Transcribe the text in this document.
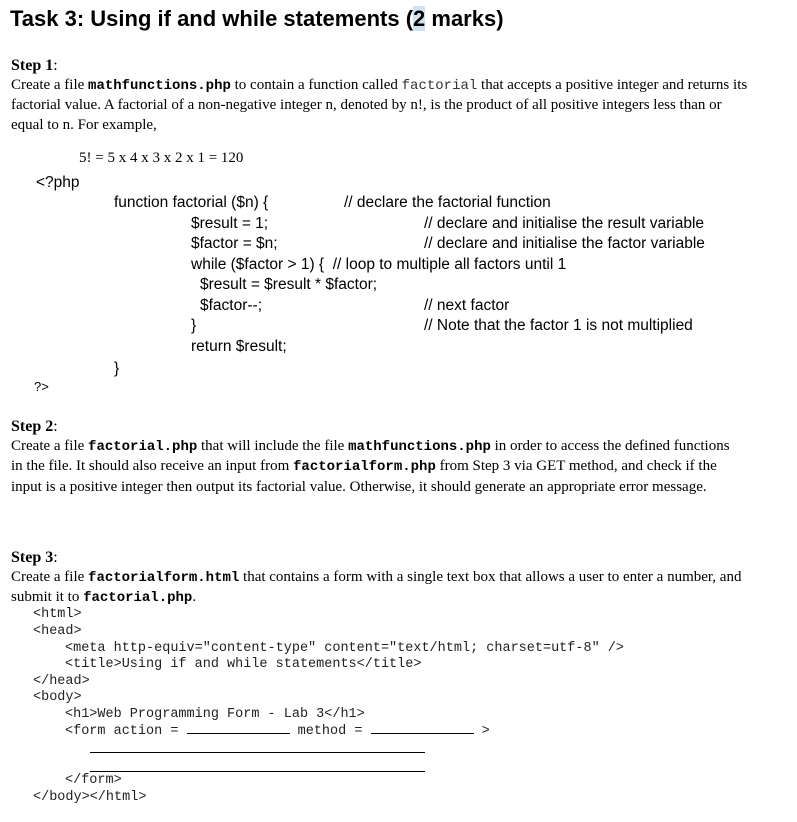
Task 3: Using if and while statements (2 marks)
Step 1:
Create a file mathfunctions.php to contain a function called factorial that accepts a positive integer and returns its factorial value. A factorial of a non-negative integer n, denoted by n!, is the product of all positive integers less than or equal to n. For example,
5! = 5 x 4 x 3 x 2 x 1 = 120
<?php
function factorial ($n) {	// declare the factorial function
$result = 1;	// declare and initialise the result variable
$factor = $n;	// declare and initialise the factor variable
while ($factor > 1) {  // loop to multiple all factors until 1
$result = $result * $factor;
$factor--;	// next factor
}	// Note that the factor 1 is not multiplied
return $result;
}
?>
Step 2:
Create a file factorial.php that will include the file mathfunctions.php in order to access the defined functions in the file. It should also receive an input from factorialform.php from Step 3 via GET method, and check if the input is a positive integer then output its factorial value. Otherwise, it should generate an appropriate error message.
Step 3:
Create a file factorialform.html that contains a form with a single text box that allows a user to enter a number, and submit it to factorial.php.
<html>
<head>
<meta http-equiv="content-type" content="text/html; charset=utf-8" />
<title>Using if and while statements</title>
</head>
<body>
<h1>Web Programming Form - Lab 3</h1>
<form action =	method =	>
</form>
</body></html>
